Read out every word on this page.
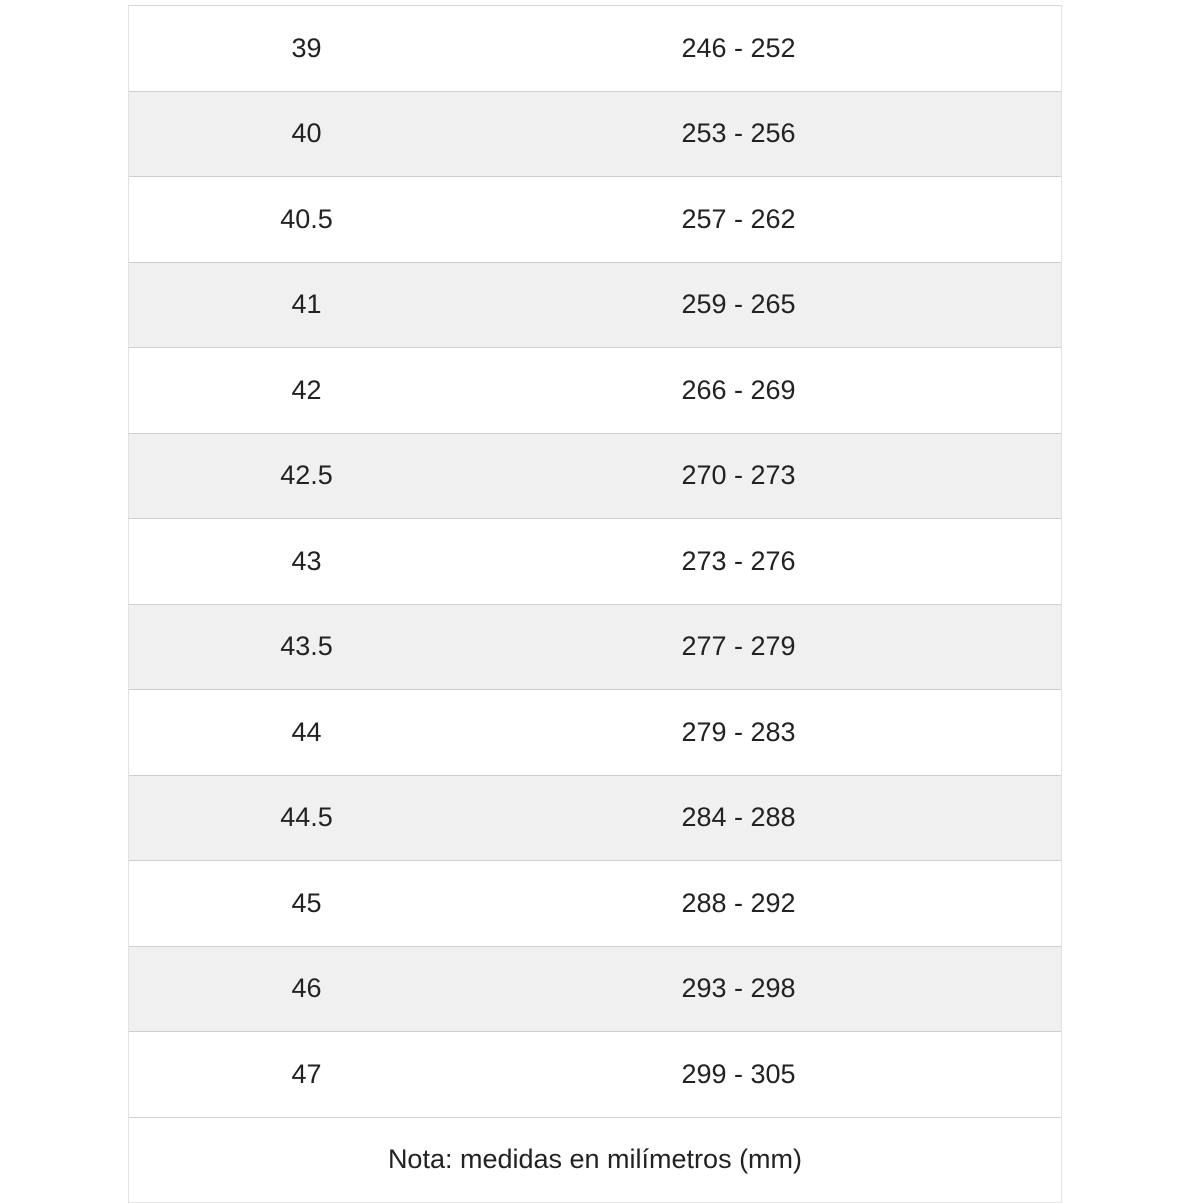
39	246 - 252
40	253 - 256
40.5	257 - 262
41	259 - 265
42	266 - 269
42.5	270 - 273
43	273 - 276
43.5	277 - 279
44	279 - 283
44.5	284 - 288
45	288 - 292
46	293 - 298
47	299 - 305
Nota: medidas en milímetros (mm)
